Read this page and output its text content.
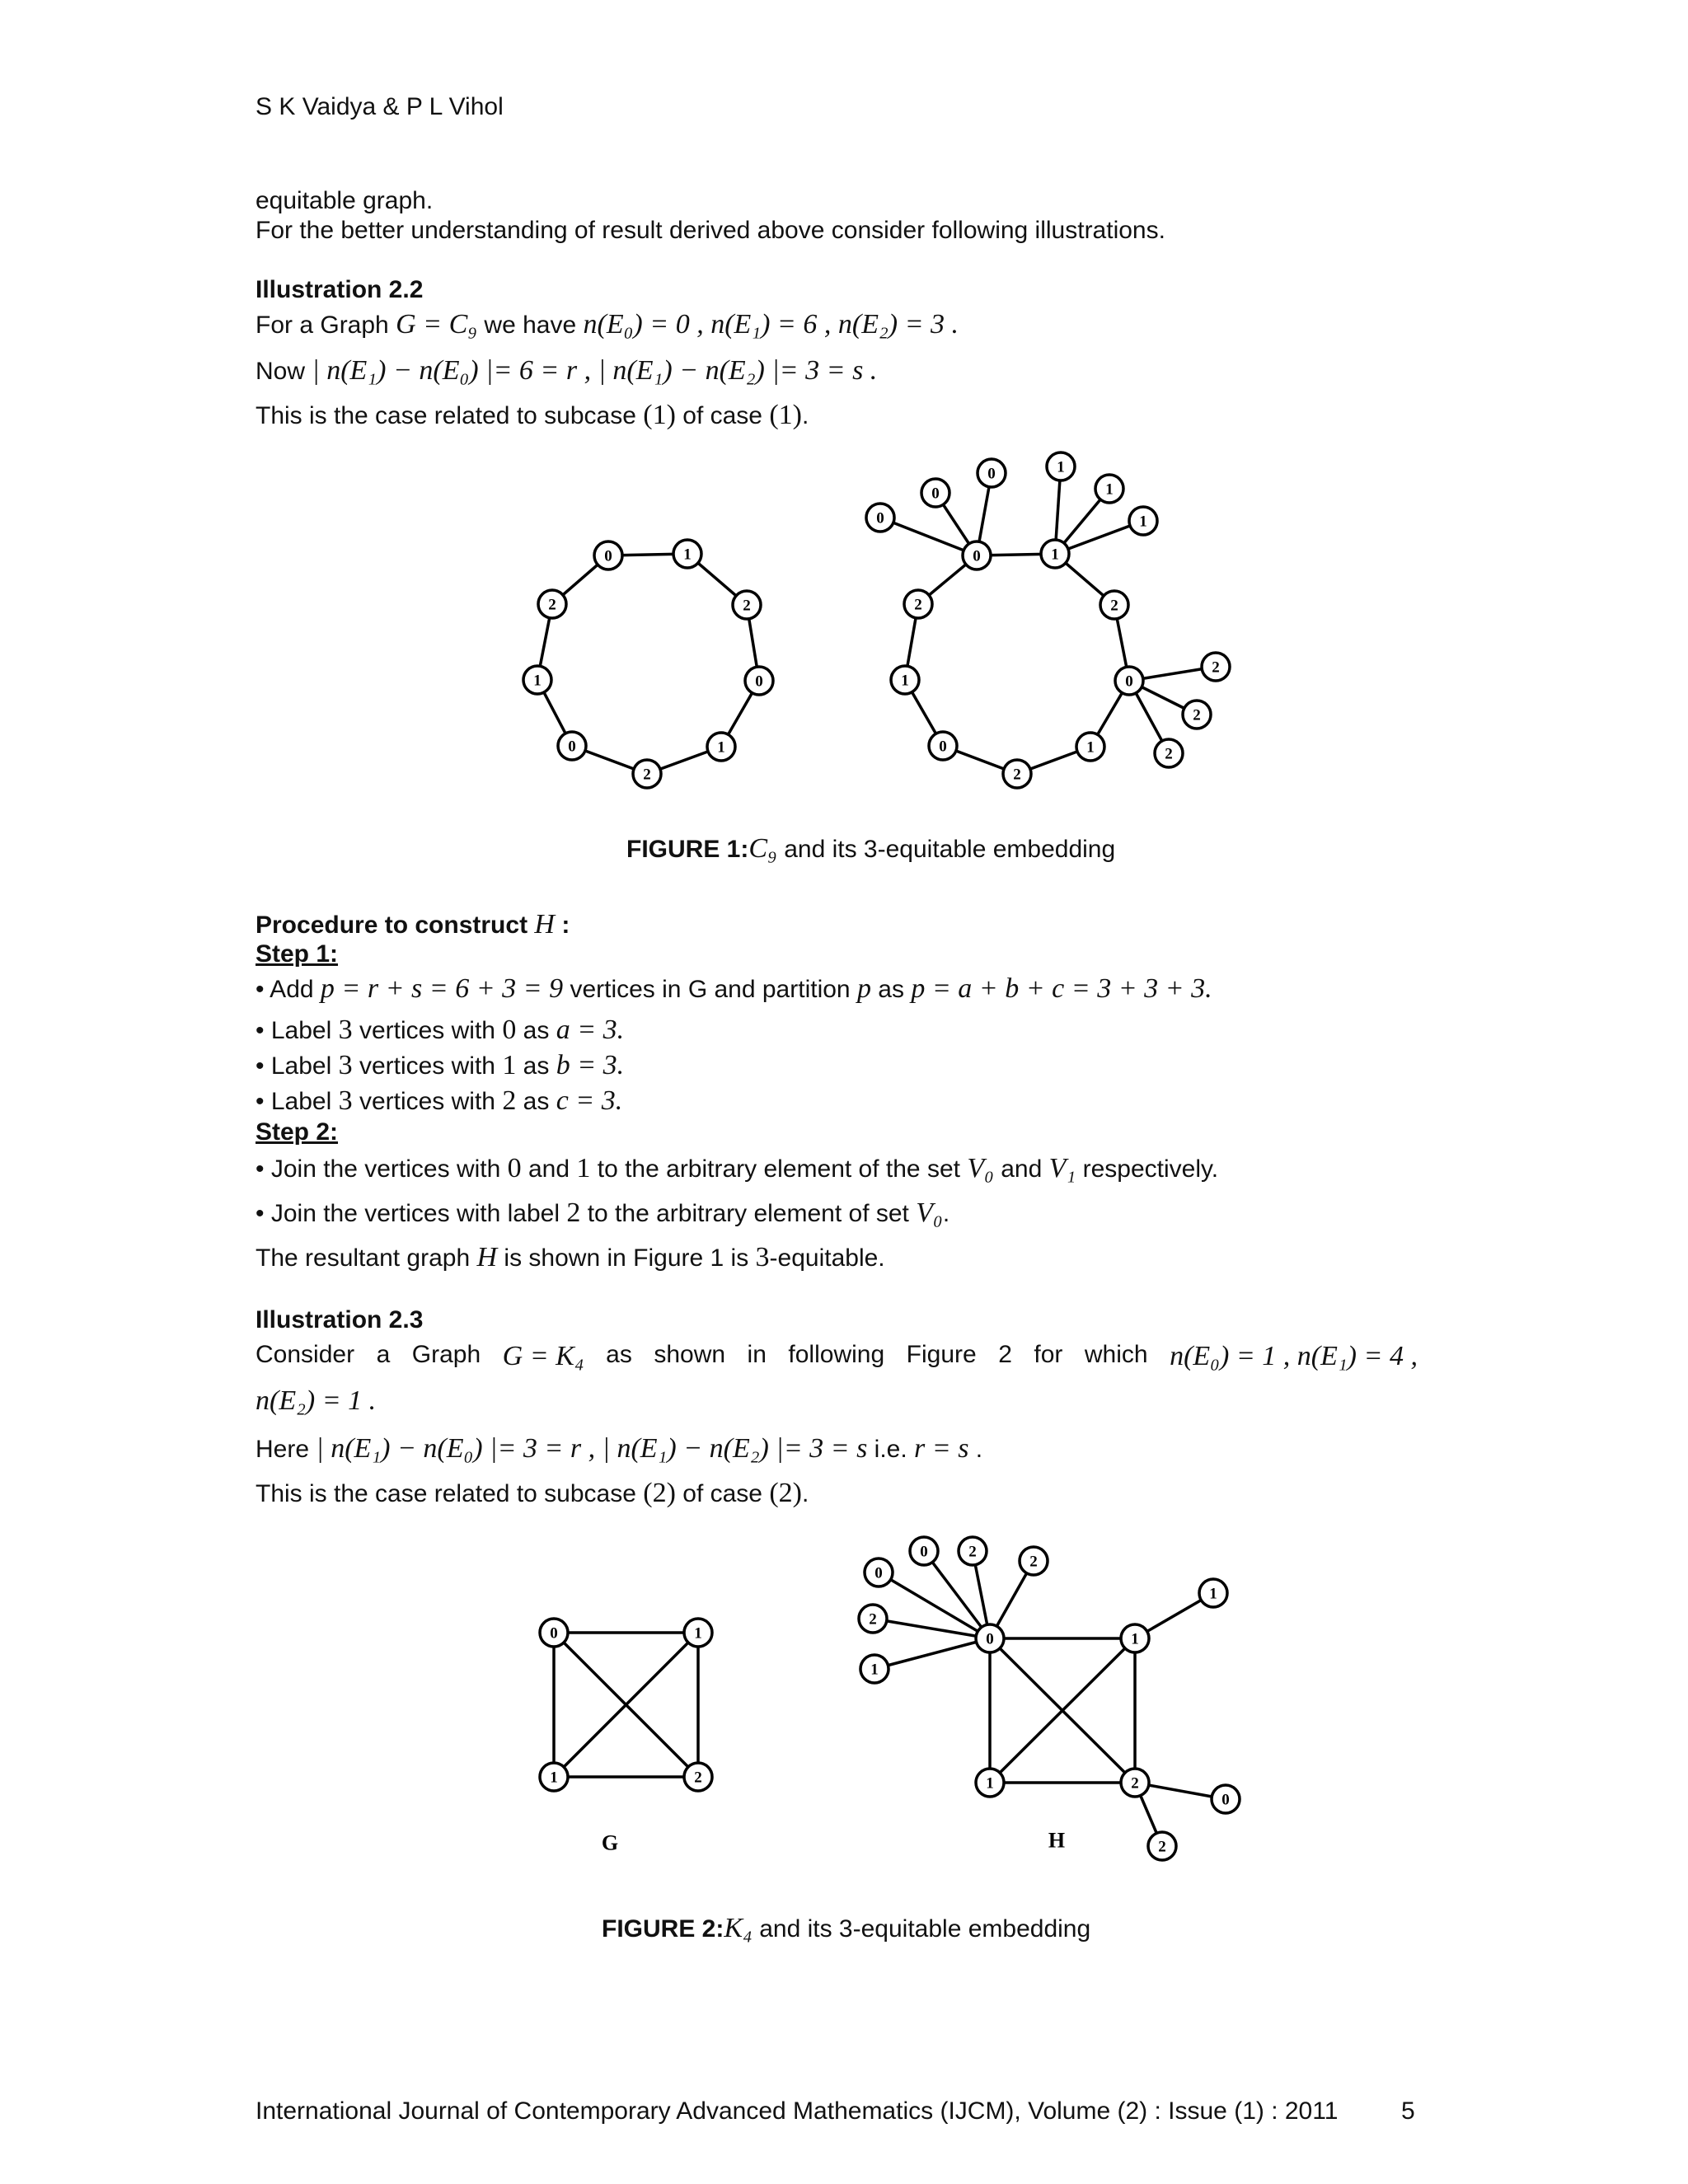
S K Vaidya & P L Vihol
equitable graph.
For the better understanding of result derived above consider following illustrations.
Illustration 2.2
For a Graph G = C₉ we have n(E₀) = 0 , n(E₁) = 6 , n(E₂) = 3 .
Now | n(E₁) − n(E₀) |= 6 = r , | n(E₁) − n(E₂) |= 3 = s .
This is the case related to subcase (1) of case (1).
0	1
2
0
1
2
0
1
2
0	1
2
0
1
2
0
1
2
0
0
0	1
1
1
2
2
2
0	1
1	2
0	1
1	2
0
0	2
2
2
1
1
0
2
G	H
FIGURE 1:C₉ and its 3-equitable embedding
Procedure to construct H :
Step 1:
• Add p = r + s = 6 + 3 = 9 vertices in G and partition p as p = a + b + c = 3 + 3 + 3.
• Label 3 vertices with 0 as a = 3.
• Label 3 vertices with 1 as b = 3.
• Label 3 vertices with 2 as c = 3.
Step 2:
• Join the vertices with 0 and 1 to the arbitrary element of the set V₀ and V₁ respectively.
• Join the vertices with label 2 to the arbitrary element of set V₀.
The resultant graph H is shown in Figure 1 is 3-equitable.
Illustration 2.3
Consider a Graph G = K₄ as shown in following Figure 2 for which n(E₀) = 1 , n(E₁) = 4 ,
n(E₂) = 1 .
Here | n(E₁) − n(E₀) |= 3 = r , | n(E₁) − n(E₂) |= 3 = s i.e. r = s .
This is the case related to subcase (2) of case (2).
FIGURE 2:K₄ and its 3-equitable embedding
International Journal of Contemporary Advanced Mathematics (IJCM), Volume (2) : Issue (1) : 2011	5
